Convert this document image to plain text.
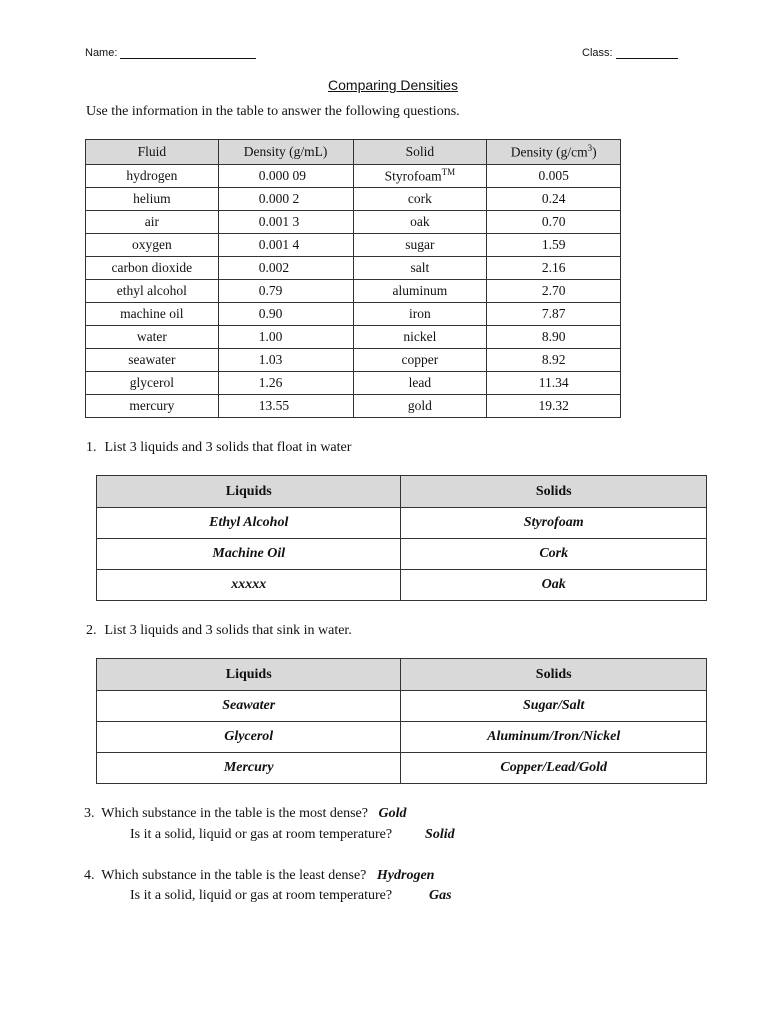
Name:	Class:
Comparing Densities
Use the information in the table to answer the following questions.
Fluid	Density (g/mL)	Solid	Density $(g/cm^3)$
hydrogen	0.000 09	Styrofoam™	0.005
helium	0.000 2	cork	0.24
air	0.001 3	oak	0.70
oxygen	0.001 4	sugar	1.59
carbon dioxide	0.002	salt	2.16
ethyl alcohol	0.79	aluminum	2.70
machine oil	0.90	iron	7.87
water	1.00	nickel	8.90
seawater	1.03	copper	8.92
glycerol	1.26	lead	11.34
mercury	13.55	gold	19.32
1. List 3 liquids and 3 solids that float in water
Liquids	Solids
Ethyl Alcohol	Styrofoam
Machine Oil	Cork
xxxxx	Oak
2. List 3 liquids and 3 solids that sink in water.
Liquids	Solids
Seawater	Sugar/Salt
Glycerol	Aluminum/Iron/Nickel
Mercury	Copper/Lead/Gold
3. Which substance in the table is the most dense? Gold
Is it a solid, liquid or gas at room temperature? Solid
4. Which substance in the table is the least dense? Hydrogen
Is it a solid, liquid or gas at room temperature?	Gas
